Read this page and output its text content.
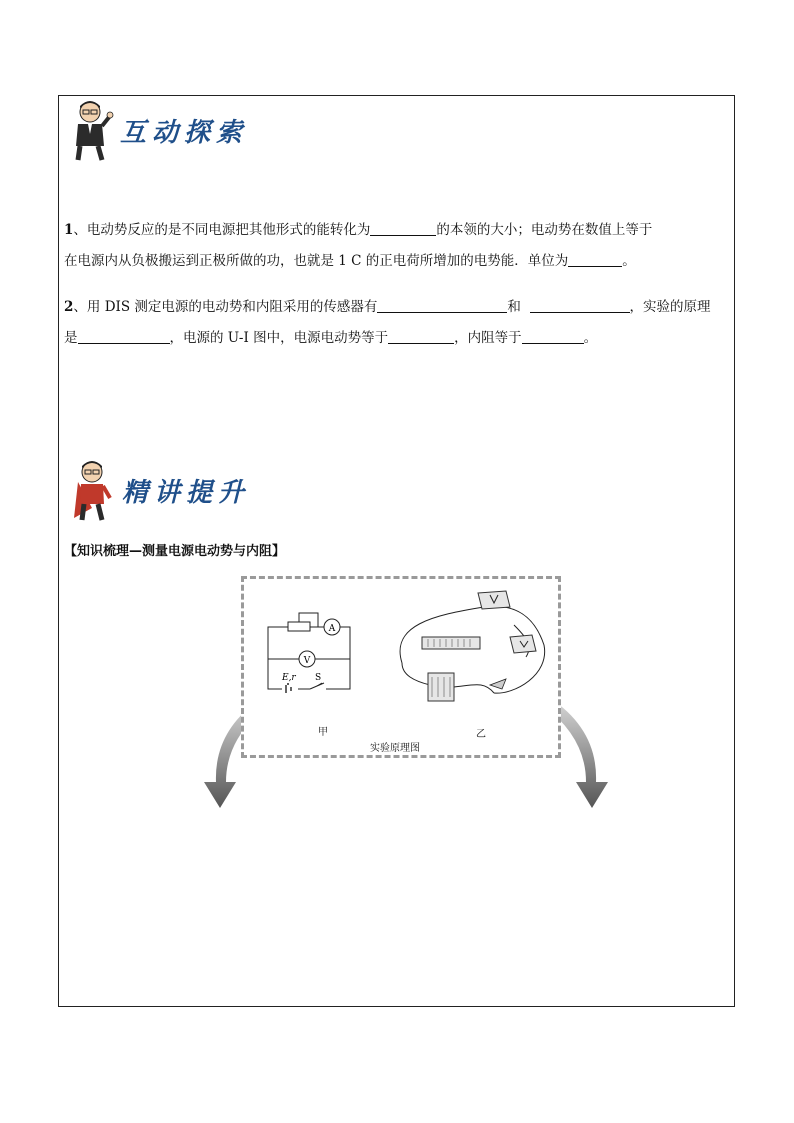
互动探索
1、电动势反应的是不同电源把其他形式的能转化为	的本领的大小；电动势在数值上等于
在电源内从负极搬运到正极所做的功，也就是 1 C 的正电荷所增加的电势能．单位为	。
2、用 DIS 测定电源的电动势和内阻采用的传感器有	和	，实验的原理
是	，电源的 U-I 图中，电源电动势等于	，内阻等于	。
精讲提升
【知识梳理—测量电源电动势与内阻】
A
V
E,r S
甲	乙
实验原理图
